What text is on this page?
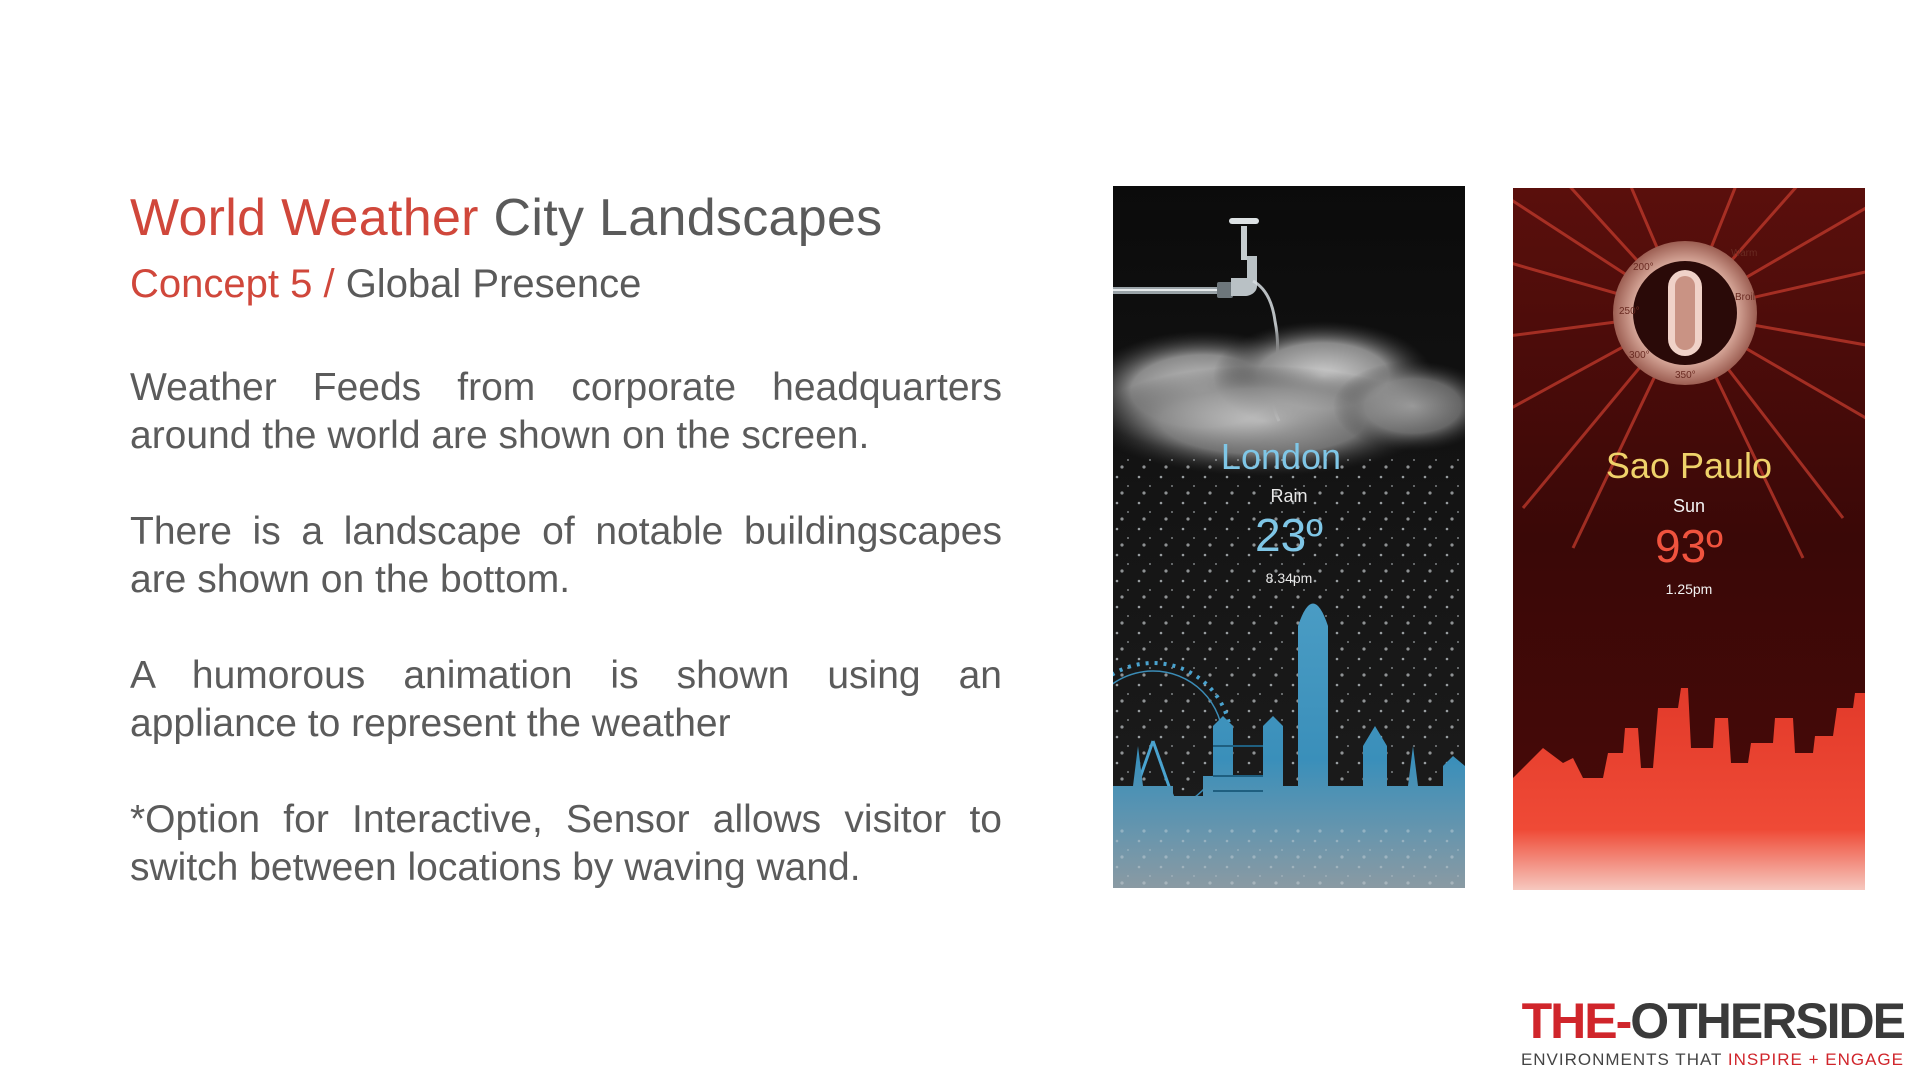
World Weather City Landscapes
Concept 5 / Global Presence

Weather Feeds from corporate headquarters around the world are shown on the screen.

There is a landscape of notable buildingscapes are shown on the bottom.

A humorous animation is shown using an appliance to represent the weather

*Option for Interactive, Sensor allows visitor to switch between locations by waving wand.

London
Rain
23º
8.34pm
Warm
200°
250°
300°
350°
Broil
Sao Paulo
Sun
93º
1.25pm
THE-OTHERSIDE
ENVIRONMENTS THAT INSPIRE + ENGAGE
